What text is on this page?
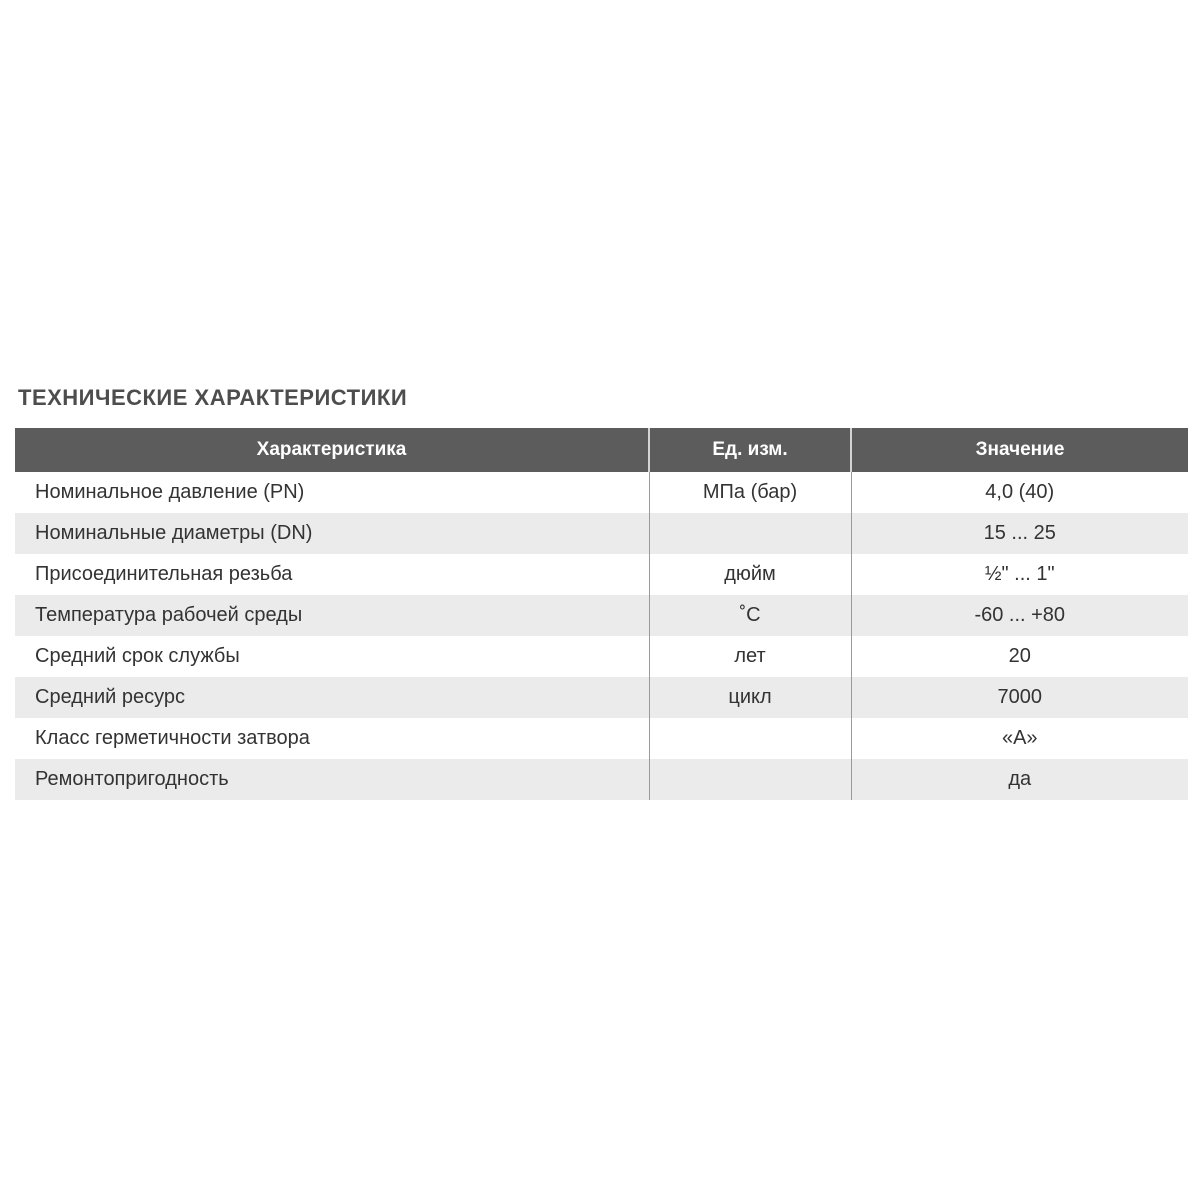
ТЕХНИЧЕСКИЕ ХАРАКТЕРИСТИКИ
Характеристика	Ед. изм.	Значение
Номинальное давление (PN)	МПа (бар)	4,0 (40)
Номинальные диаметры (DN)		15 ... 25
Присоединительная резьба	дюйм	½" ... 1"
Температура рабочей среды	˚С	-60 ... +80
Средний срок службы	лет	20
Средний ресурс	цикл	7000
Класс герметичности затвора		«А»
Ремонтопригодность		да
